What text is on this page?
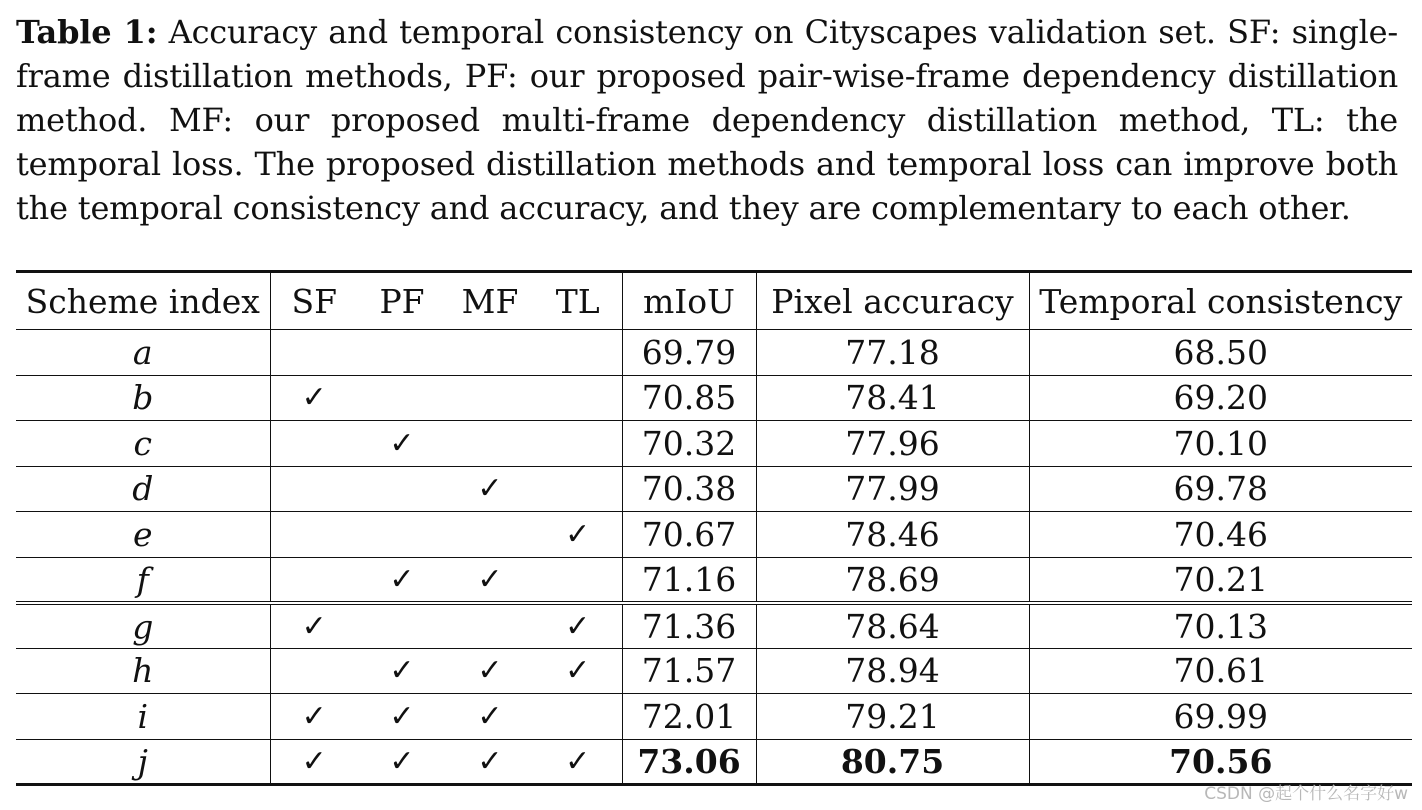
Table 1: Accuracy and temporal consistency on Cityscapes validation set. SF: single-frame distillation methods, PF: our proposed pair-wise-frame dependency distillation method. MF: our proposed multi-frame dependency distillation method, TL: the temporal loss. The proposed distillation methods and temporal loss can improve both the temporal consistency and accuracy, and they are complementary to each other.
Scheme index	SF	PF	MF	TL	mIoU	Pixel accuracy	Temporal consistency
a					69.79	77.18	68.50
b	✓				70.85	78.41	69.20
c		✓			70.32	77.96	70.10
d			✓		70.38	77.99	69.78
e				✓	70.67	78.46	70.46
f		✓	✓		71.16	78.69	70.21
g	✓			✓	71.36	78.64	70.13
h		✓	✓	✓	71.57	78.94	70.61
i	✓	✓	✓		72.01	79.21	69.99
j	✓	✓	✓	✓	73.06	80.75	70.56
CSDN @起个什么名字好w
